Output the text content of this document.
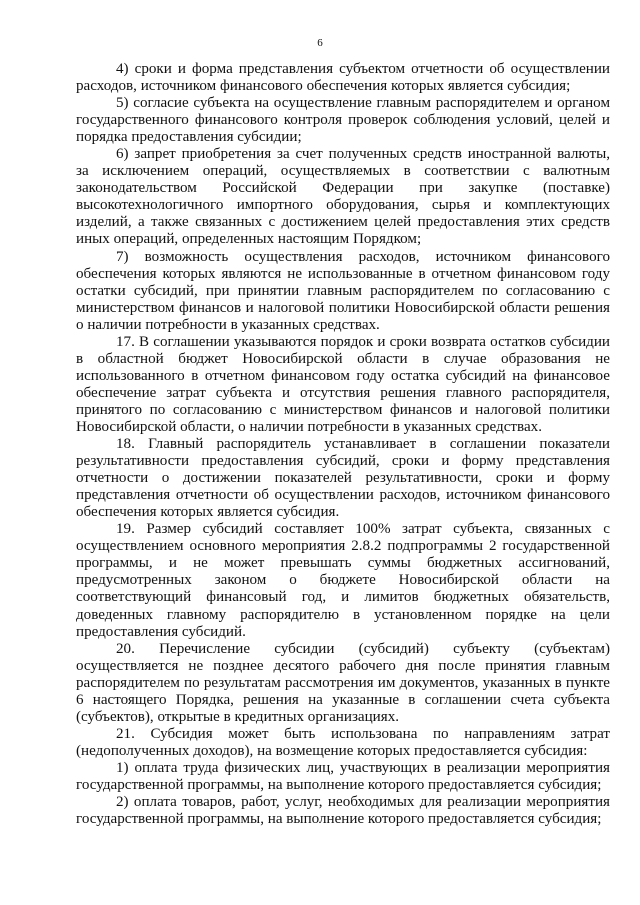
6

4) сроки и форма представления субъектом отчетности об осуществлении расходов, источником финансового обеспечения которых является субсидия;

5) согласие субъекта на осуществление главным распорядителем и органом государственного финансового контроля проверок соблюдения условий, целей и порядка предоставления субсидии;

6) запрет приобретения за счет полученных средств иностранной валюты, за исключением операций, осуществляемых в соответствии с валютным законодательством Российской Федерации при закупке (поставке) высокотехнологичного импортного оборудования, сырья и комплектующих изделий, а также связанных с достижением целей предоставления этих средств иных операций, определенных настоящим Порядком;

7) возможность осуществления расходов, источником финансового обеспечения которых являются не использованные в отчетном финансовом году остатки субсидий, при принятии главным распорядителем по согласованию с министерством финансов и налоговой политики Новосибирской области решения о наличии потребности в указанных средствах.

17. В соглашении указываются порядок и сроки возврата остатков субсидии в областной бюджет Новосибирской области в случае образования не использованного в отчетном финансовом году остатка субсидий на финансовое обеспечение затрат субъекта и отсутствия решения главного распорядителя, принятого по согласованию с министерством финансов и налоговой политики Новосибирской области, о наличии потребности в указанных средствах.

18. Главный распорядитель устанавливает в соглашении показатели результативности предоставления субсидий, сроки и форму представления отчетности о достижении показателей результативности, сроки и форму представления отчетности об осуществлении расходов, источником финансового обеспечения которых является субсидия.

19. Размер субсидий составляет 100% затрат субъекта, связанных с осуществлением основного мероприятия 2.8.2 подпрограммы 2 государственной программы, и не может превышать суммы бюджетных ассигнований, предусмотренных законом о бюджете Новосибирской области на соответствующий финансовый год, и лимитов бюджетных обязательств, доведенных главному распорядителю в установленном порядке на цели предоставления субсидий.

20. Перечисление субсидии (субсидий) субъекту (субъектам) осуществляется не позднее десятого рабочего дня после принятия главным распорядителем по результатам рассмотрения им документов, указанных в пункте 6 настоящего Порядка, решения на указанные в соглашении счета субъекта (субъектов), открытые в кредитных организациях.

21. Субсидия может быть использована по направлениям затрат (недополученных доходов), на возмещение которых предоставляется субсидия:

1) оплата труда физических лиц, участвующих в реализации мероприятия государственной программы, на выполнение которого предоставляется субсидия;

2) оплата товаров, работ, услуг, необходимых для реализации мероприятия государственной программы, на выполнение которого предоставляется субсидия;
